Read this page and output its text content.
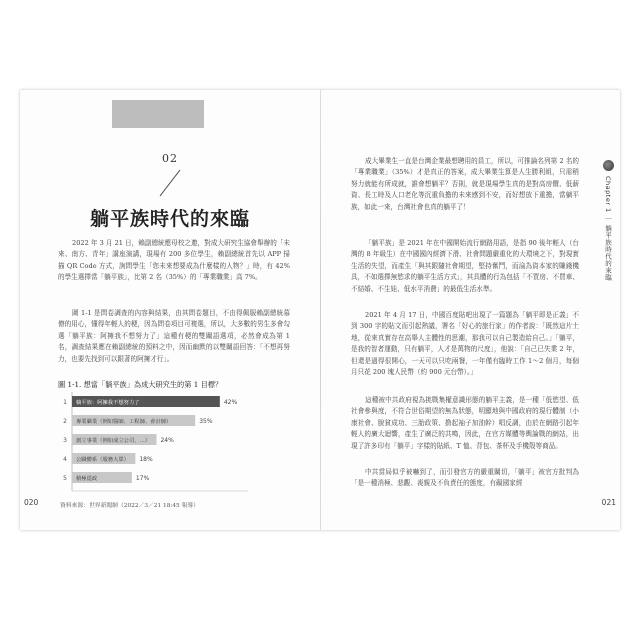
02
躺平族時代的來臨

2022 年 3 月 21 日，賴副總統應母校之邀，對成大研究生協會舉辦的「未來、南方、青年」講座演講，現場有 200 多位學生，賴副總統首先以 APP 掃描 QR Code 方式，詢問學生「您未來想要成為什麼樣的人物？」時，有 42% 的學生選擇當「躺平族」，比第 2 名（35%）的「專業職業」高 7%。

圖 1-1 是問卷調查的內容與結果，由其問卷題目，不由得佩服賴副總統慕僚的用心，懂得年輕人的梗，因為問卷項目可複選，所以，大多數的男生多會勾選「躺平族：阿擁我不想努力了」這種有梗的雙關語選項，必然會成為第 1 名，調查結果應在賴副總統的預料之中，因而幽默的以雙關語回答：「不想再努力，也要先找到可以跟著的阿擁才行」。

圖 1-1. 想當「躺平族」為成大研究生的第 1 目標？

1 躺平族：阿擁我不想努力了	42%
2 專業職業（例如醫師、工程師、會計師）	35%
3 創立事業（例如成立公司、…） 24%
4 公職體系（服務大眾） 18%
5 積極從政	17%
020	資料來源：世界新聞網（2022／3／21 18:45 報導）

成大畢業生一直是台灣企業最想聘用的員工，所以，可推論名列第 2 名的「專業職業」（35%）才是真正的答案，成大畢業生算是人生勝利組，只需稍努力就能有所成就，誰會想躺平？否則，就是現場學生真的是對高房價、低薪資、長工時及人口老化等沉重負擔的未來感到不安，而好想放下重擔，當躺平族，如此一來，台灣社會也真的躺平了！

「躺平族」是 2021 年在中國開始流行網路用語，是指 90 後年輕人（台灣的 8 年級生）在中國國內經濟下滑、社會問題嚴重化的大環境之下，對現實生活的失望，而產生「與其跟隨社會期望，堅持奮鬥，而淪為資本家的賺錢機具，不如選擇無慾求的躺平生活方式」，其具體的行為包括「不買房、不買車、不結婚、不生娃、低水平消費」的最低生活水準。

2021 年 4 月 17 日，中國百度貼吧出現了一篇題為「躺平即是正義」不到 300 字的貼文而引起熱議，署名「好心的旅行家」的作者說：「既然這片土地，從來真實存在高舉人主體性的思潮，那我可以自己製造給自己。」「躺平，是我的智者運動，只有躺平，人才是萬物的尺度」，他說：「自己已失業 2 年，但還是過得很開心，一天可以只吃兩餐，一年僅有臨時工作 1～2 個月，每個月只花 200 塊人民幣（約 900 元台幣）。」

這種被中共政府視為挑戰集權意識形態的躺平主義，是一種「低慾望、低社會參與度，不符合世俗期望的無為狀態，明顯地與中國政府的現行體制（小康社會、脫貧成功、三胎政策、撸起袖子加油幹）唱反調，由於在網路引起年輕人的廣大迴響，產生了廣泛的共鳴，因此，在官方媒體等輿論戰的網站，出現了許多印有「躺平」字樣的貼紙、T 恤、背包、茶杯及手機殼等商品。

中共當局似乎被嚇到了，而引發官方的嚴重關切，「躺平」被官方批判為「是一種消極、悲觀、喪親及不負責任的態度，有礙國家經

Chapter 1 ｜ 躺平族時代的來臨
021
